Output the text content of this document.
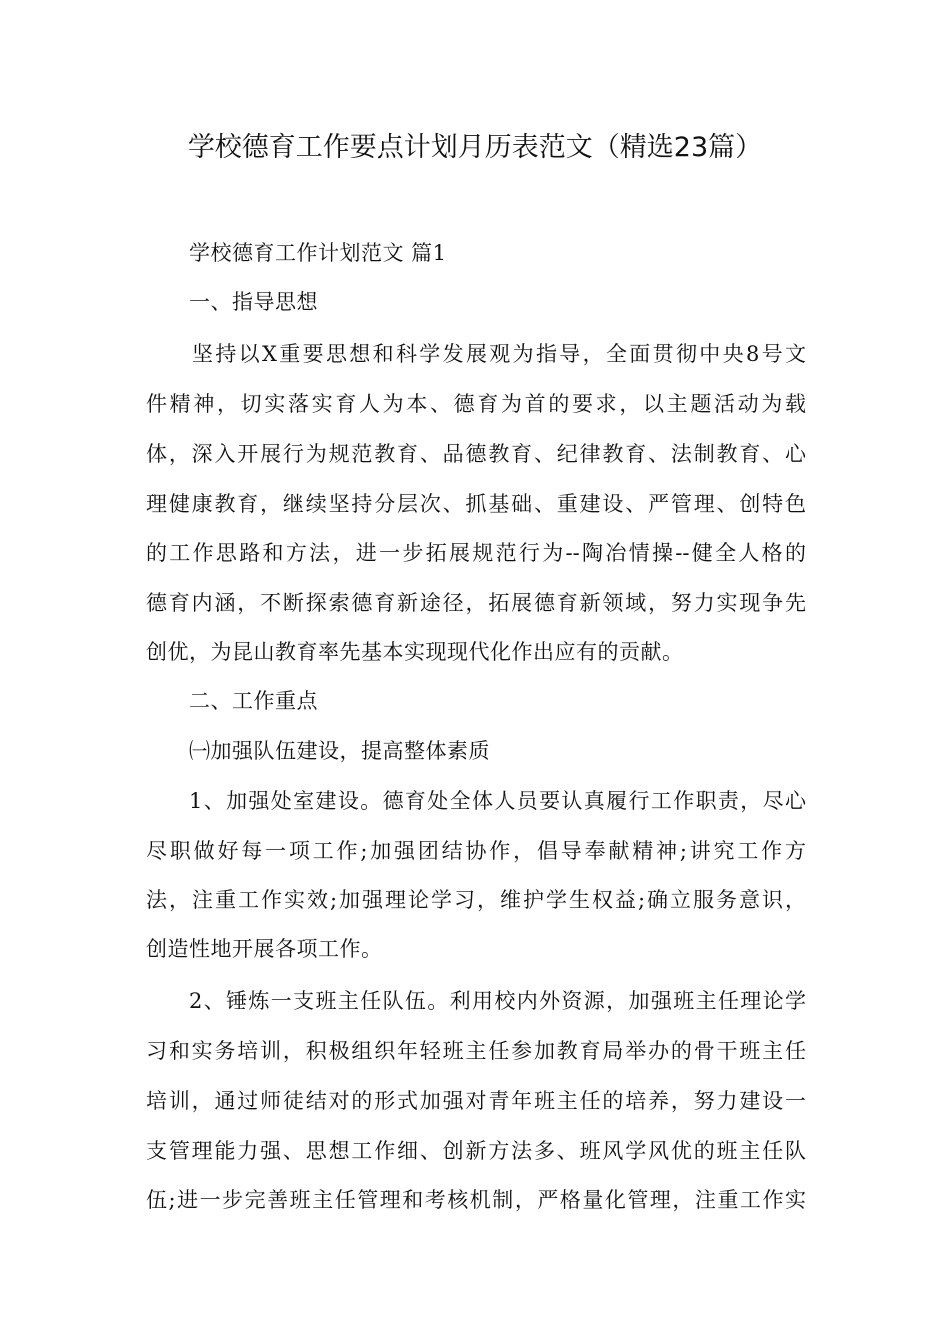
学校德育工作要点计划月历表范文（精选23篇）
学校德育工作计划范文 篇1
一、指导思想
坚持以X重要思想和科学发展观为指导，全面贯彻中央8号文
件精神，切实落实育人为本、德育为首的要求，以主题活动为载
体，深入开展行为规范教育、品德教育、纪律教育、法制教育、心
理健康教育，继续坚持分层次、抓基础、重建设、严管理、创特色
的工作思路和方法，进一步拓展规范行为--陶冶情操--健全人格的
德育内涵，不断探索德育新途径，拓展德育新领域，努力实现争先
创优，为昆山教育率先基本实现现代化作出应有的贡献。
二、工作重点
㈠加强队伍建设，提高整体素质
1、加强处室建设。德育处全体人员要认真履行工作职责，尽心
尽职做好每一项工作;加强团结协作，倡导奉献精神;讲究工作方
法，注重工作实效;加强理论学习，维护学生权益;确立服务意识，
创造性地开展各项工作。
2、锤炼一支班主任队伍。利用校内外资源，加强班主任理论学
习和实务培训，积极组织年轻班主任参加教育局举办的骨干班主任
培训，通过师徒结对的形式加强对青年班主任的培养，努力建设一
支管理能力强、思想工作细、创新方法多、班风学风优的班主任队
伍;进一步完善班主任管理和考核机制，严格量化管理，注重工作实
